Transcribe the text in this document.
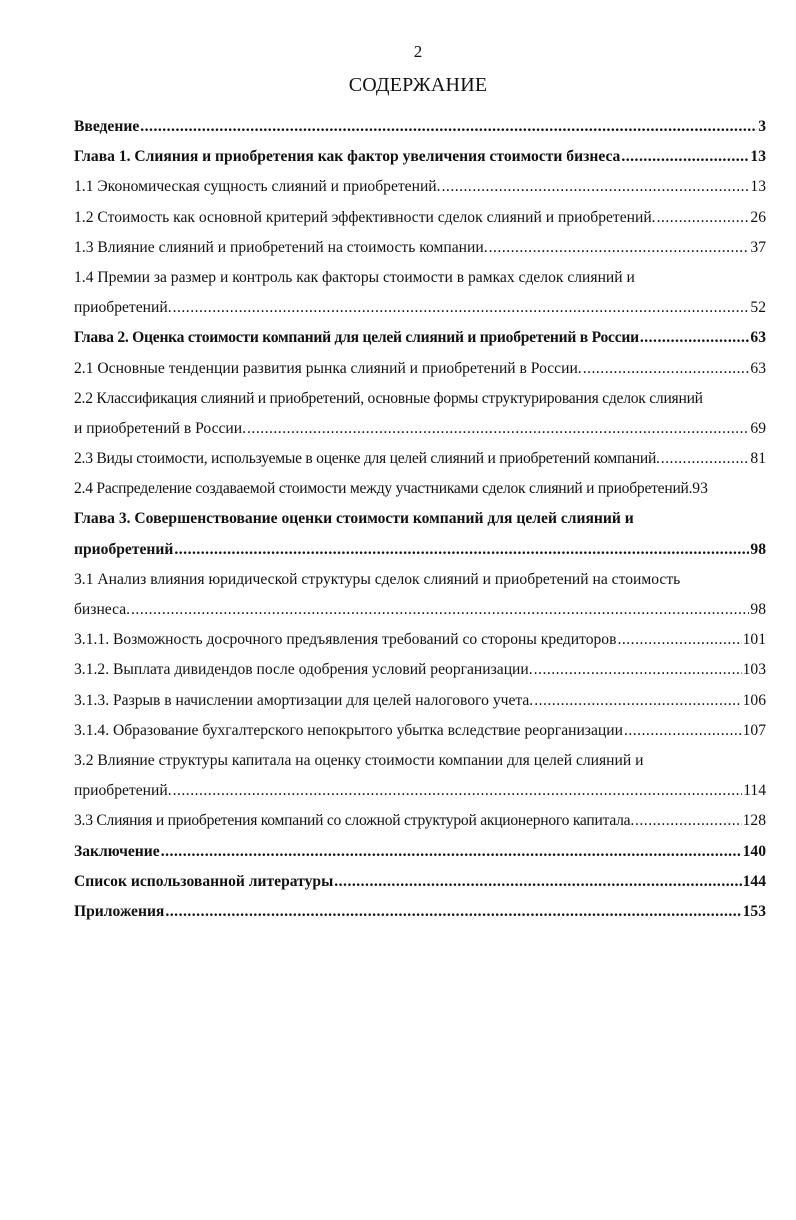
2
СОДЕРЖАНИЕ
Введение .....	3
Глава 1. Слияния и приобретения как фактор увеличения стоимости бизнеса .....	13
1.1 Экономическая сущность слияний и приобретений. .....	13
1.2 Стоимость как основной критерий эффективности сделок слияний и приобретений. .....	26
1.3 Влияние слияний и приобретений на стоимость компании. .....	37
1.4 Премии за размер и контроль как факторы стоимости в рамках сделок слияний и
приобретений. .....	52
Глава 2. Оценка стоимости компаний для целей слияний и приобретений в России .....	63
2.1 Основные тенденции развития рынка слияний и приобретений в России. .....	63
2.2 Классификация слияний и приобретений, основные формы структурирования сделок слияний
и приобретений в России. .....	69
2.3 Виды стоимости, используемые в оценке для целей слияний и приобретений компаний. .....	81
2.4 Распределение создаваемой стоимости между участниками сделок слияний и приобретений. 93
Глава 3. Совершенствование оценки стоимости компаний для целей слияний и
приобретений .....	98
3.1 Анализ влияния юридической структуры сделок слияний и приобретений на стоимость
бизнеса. .....	98
3.1.1. Возможность досрочного предъявления требований со стороны кредиторов .....	101
3.1.2. Выплата дивидендов после одобрения условий реорганизации. .....	103
3.1.3. Разрыв в начислении амортизации для целей налогового учета. .....	106
3.1.4. Образование бухгалтерского непокрытого убытка вследствие реорганизации .....	107
3.2 Влияние структуры капитала на оценку стоимости компании для целей слияний и
приобретений. .....	114
3.3 Слияния и приобретения компаний со сложной структурой акционерного капитала. .....	128
Заключение .....	140
Список использованной литературы .....	144
Приложения .....	153
